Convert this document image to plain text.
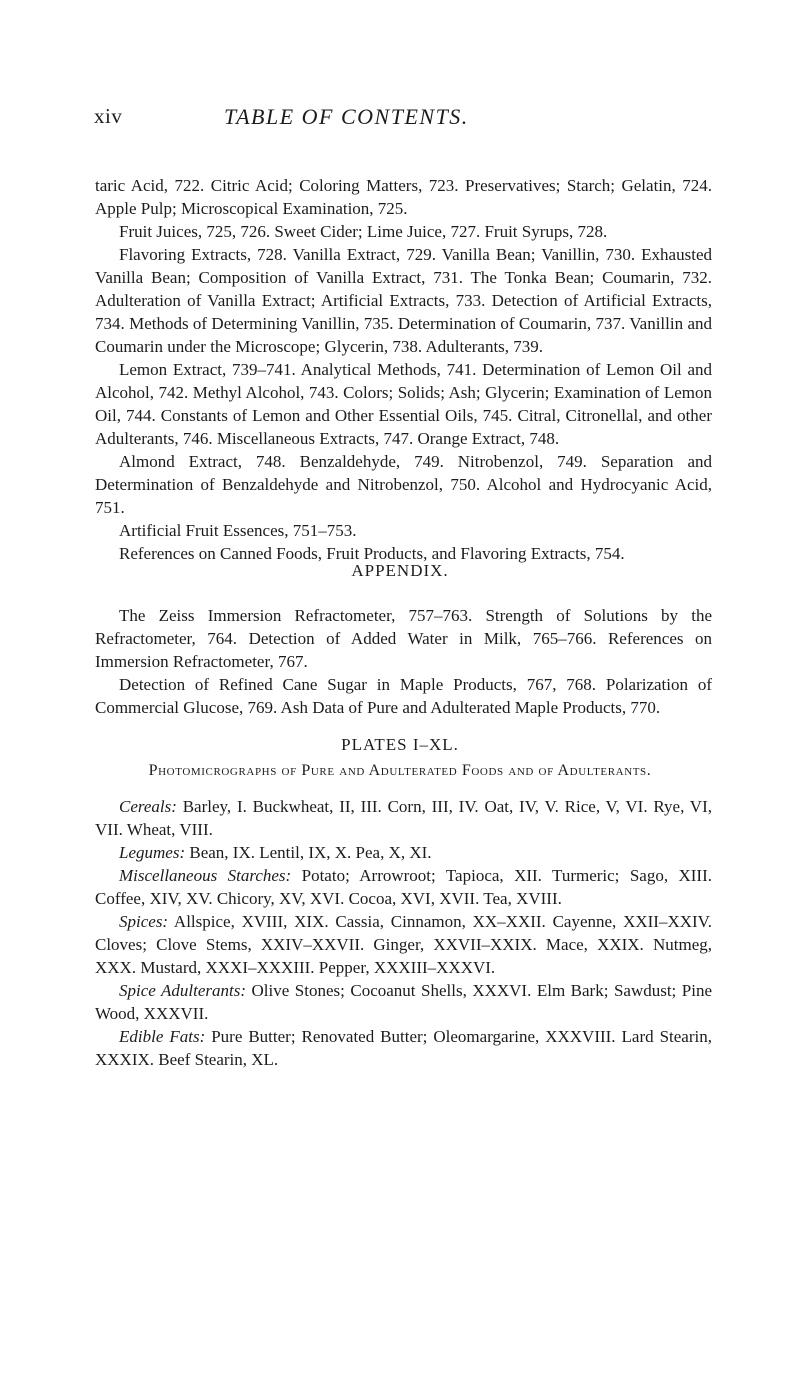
xiv	TABLE OF CONTENTS.

taric Acid, 722. Citric Acid; Coloring Matters, 723. Preservatives; Starch; Gelatin, 724. Apple Pulp; Microscopical Examination, 725.

Fruit Juices, 725, 726. Sweet Cider; Lime Juice, 727. Fruit Syrups, 728.

Flavoring Extracts, 728. Vanilla Extract, 729. Vanilla Bean; Vanillin, 730. Exhausted Vanilla Bean; Composition of Vanilla Extract, 731. The Tonka Bean; Coumarin, 732. Adulteration of Vanilla Extract; Artificial Extracts, 733. Detection of Artificial Extracts, 734. Methods of Determining Vanillin, 735. Determination of Coumarin, 737. Vanillin and Coumarin under the Microscope; Glycerin, 738. Adulterants, 739.

Lemon Extract, 739–741. Analytical Methods, 741. Determination of Lemon Oil and Alcohol, 742. Methyl Alcohol, 743. Colors; Solids; Ash; Glycerin; Examination of Lemon Oil, 744. Constants of Lemon and Other Essential Oils, 745. Citral, Citronellal, and other Adulterants, 746. Miscellaneous Extracts, 747. Orange Extract, 748.

Almond Extract, 748. Benzaldehyde, 749. Nitrobenzol, 749. Separation and Determination of Benzaldehyde and Nitrobenzol, 750. Alcohol and Hydrocyanic Acid, 751.

Artificial Fruit Essences, 751–753.

References on Canned Foods, Fruit Products, and Flavoring Extracts, 754.

APPENDIX.

The Zeiss Immersion Refractometer, 757–763. Strength of Solutions by the Refractometer, 764. Detection of Added Water in Milk, 765–766. References on Immersion Refractometer, 767.

Detection of Refined Cane Sugar in Maple Products, 767, 768. Polarization of Commercial Glucose, 769. Ash Data of Pure and Adulterated Maple Products, 770.

PLATES I–XL.
Photomicrographs of Pure and Adulterated Foods and of Adulterants.

Cereals: Barley, I. Buckwheat, II, III. Corn, III, IV. Oat, IV, V. Rice, V, VI. Rye, VI, VII. Wheat, VIII.

Legumes: Bean, IX. Lentil, IX, X. Pea, X, XI.

Miscellaneous Starches: Potato; Arrowroot; Tapioca, XII. Turmeric; Sago, XIII. Coffee, XIV, XV. Chicory, XV, XVI. Cocoa, XVI, XVII. Tea, XVIII.

Spices: Allspice, XVIII, XIX. Cassia, Cinnamon, XX–XXII. Cayenne, XXII–XXIV. Cloves; Clove Stems, XXIV–XXVII. Ginger, XXVII–XXIX. Mace, XXIX. Nutmeg, XXX. Mustard, XXXI–XXXIII. Pepper, XXXIII–XXXVI.

Spice Adulterants: Olive Stones; Cocoanut Shells, XXXVI. Elm Bark; Sawdust; Pine Wood, XXXVII.

Edible Fats: Pure Butter; Renovated Butter; Oleomargarine, XXXVIII. Lard Stearin, XXXIX. Beef Stearin, XL.
